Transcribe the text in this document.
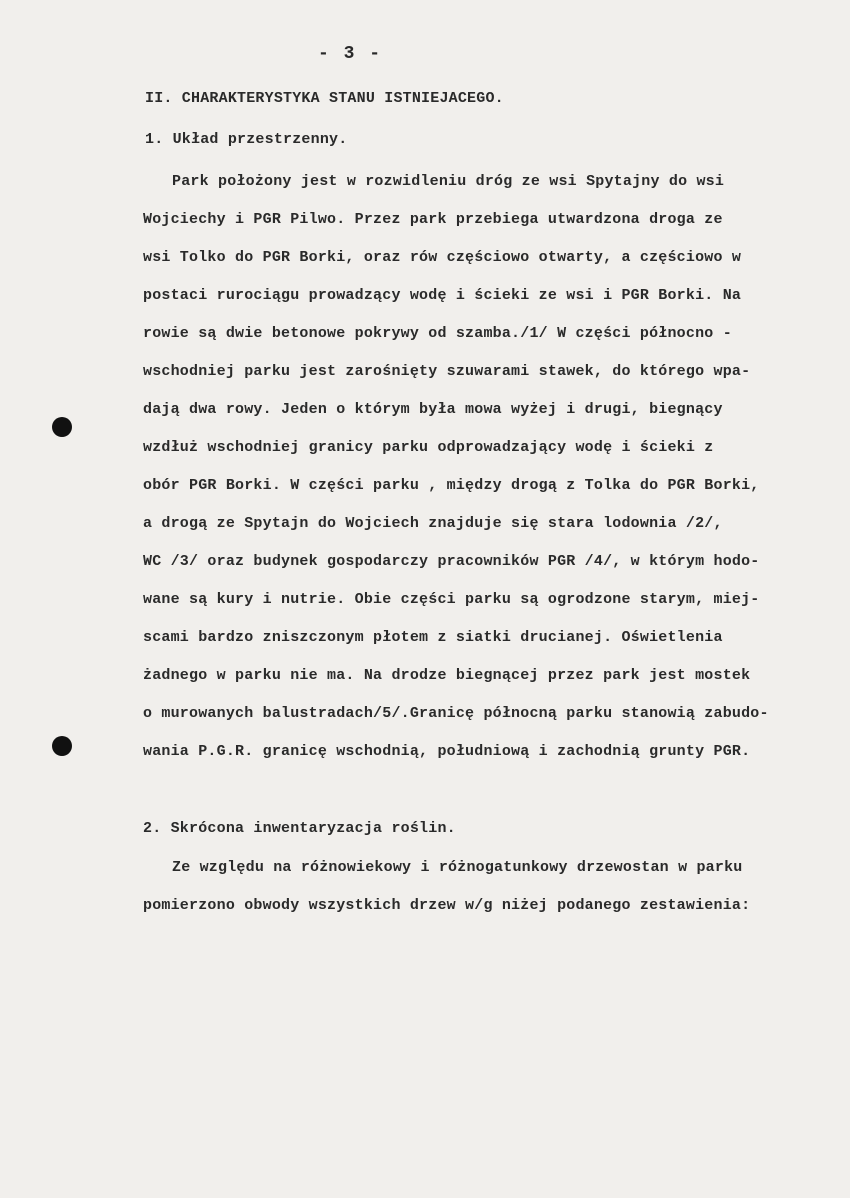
- 3 -
II. CHARAKTERYSTYKA STANU ISTNIEJACEGO.
1. Układ przestrzenny.
Park położony jest w rozwidleniu dróg ze wsi Spytajny do wsi
Wojciechy i PGR Pilwo. Przez park przebiega utwardzona droga ze
wsi Tolko do PGR Borki, oraz rów częściowo otwarty, a częściowo w
postaci rurociągu prowadzący wodę i ścieki ze wsi i PGR Borki. Na
rowie są dwie betonowe pokrywy od szamba./1/ W części północno -
wschodniej parku jest zarośnięty szuwarami stawek, do którego wpa-
dają dwa rowy. Jeden o którym była mowa wyżej i drugi, biegnący
wzdłuż wschodniej granicy parku odprowadzający wodę i ścieki z
obór PGR Borki. W części parku , między drogą z Tolka do PGR Borki,
a drogą ze Spytajn do Wojciech znajduje się stara lodownia /2/,
WC /3/ oraz budynek gospodarczy pracowników PGR /4/, w którym hodo-
wane są kury i nutrie. Obie części parku są ogrodzone starym, miej-
scami bardzo zniszczonym płotem z siatki drucianej. Oświetlenia
żadnego w parku nie ma. Na drodze biegnącej przez park jest mostek
o murowanych balustradach/5/.Granicę północną parku stanowią zabudo-
wania P.G.R. granicę wschodnią, południową i zachodnią grunty PGR.
2. Skrócona inwentaryzacja roślin.
Ze względu na różnowiekowy i różnogatunkowy drzewostan w parku
pomierzono obwody wszystkich drzew w/g niżej podanego zestawienia:
